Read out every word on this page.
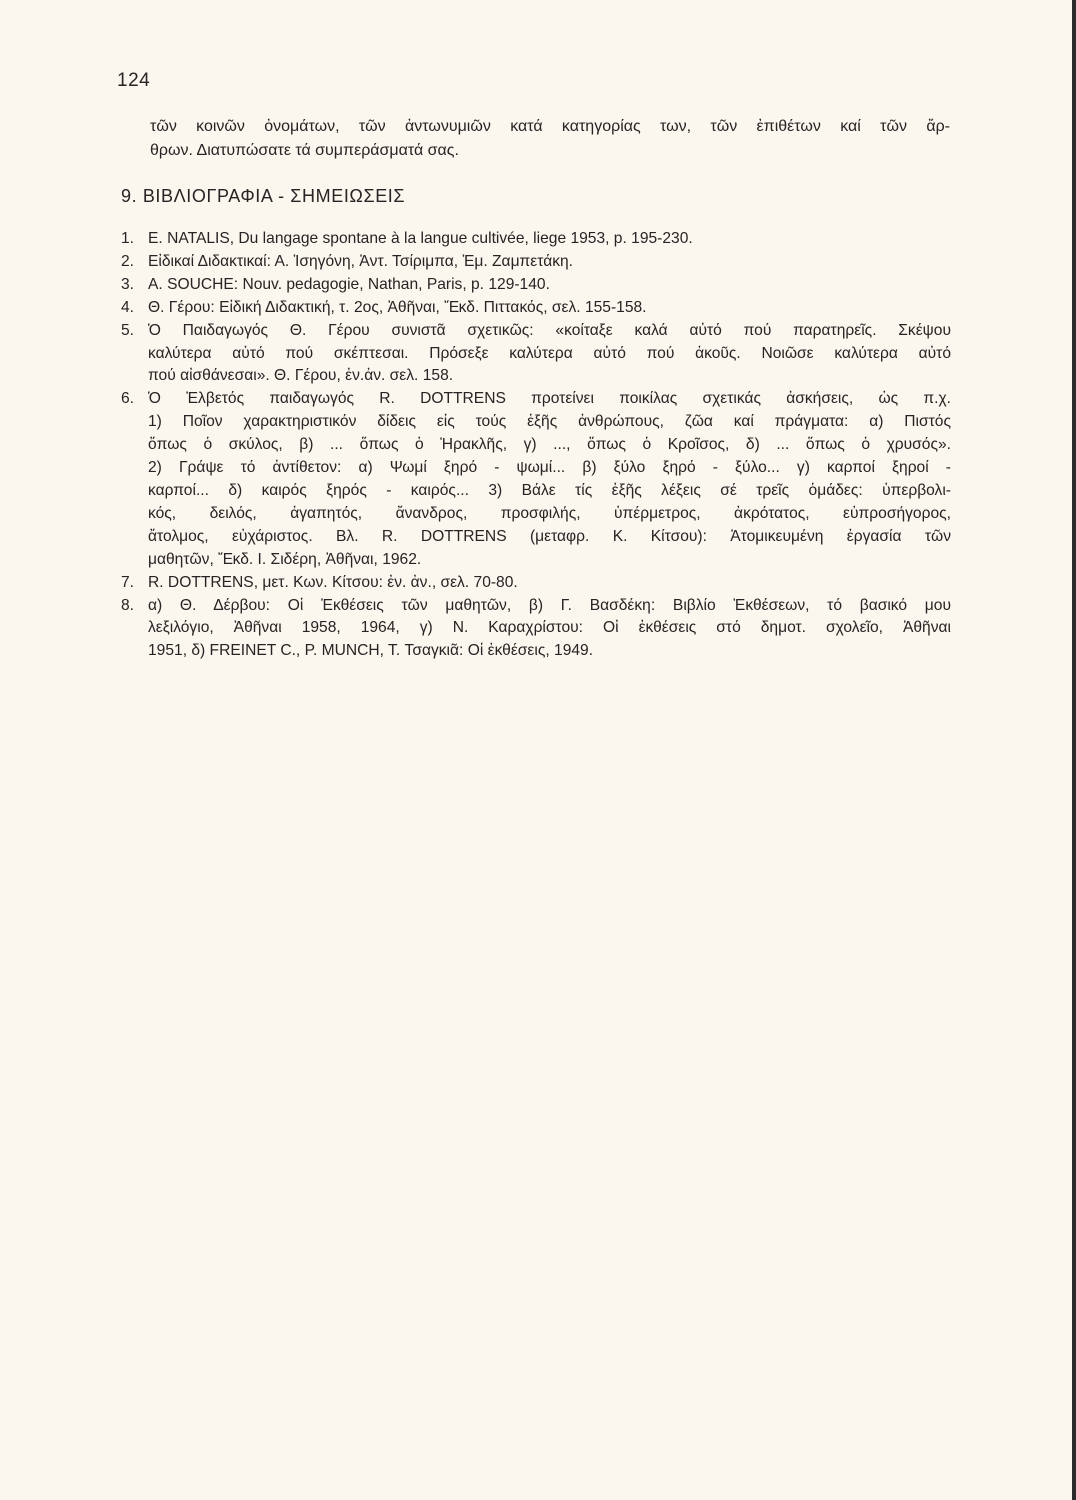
124
τῶν κοινῶν ὀνομάτων, τῶν ἀντωνυμιῶν κατά κατηγορίας των, τῶν ἐπιθέτων καί τῶν ἄρ-
θρων. Διατυπώσατε τά συμπεράσματά σας.
9. ΒΙΒΛΙΟΓΡΑΦΙΑ - ΣΗΜΕΙΩΣΕΙΣ
1. E. NATALIS, Du langage spontane à la langue cultivée, liege 1953, p. 195-230.
2. Εἰδικαί Διδακτικαί: Α. Ἰσηγόνη, Ἀντ. Τσίριμπα, Ἐμ. Ζαμπετάκη.
3. A. SOUCHE: Nouv. pedagogie, Nathan, Paris, p. 129-140.
4. Θ. Γέρου: Εἰδική Διδακτική, τ. 2ος, Ἀθῆναι, Ἔκδ. Πιττακός, σελ. 155-158.
5. Ὁ Παιδαγωγός Θ. Γέρου συνιστᾶ σχετικῶς: «κοίταξε καλά αὐτό πού παρατηρεῖς. Σκέψου
καλύτερα αὐτό πού σκέπτεσαι. Πρόσεξε καλύτερα αὐτό πού ἀκοῦς. Νοιῶσε καλύτερα αὐτό
πού αἰσθάνεσαι». Θ. Γέρου, ἐν.ἀν. σελ. 158.
6. Ὁ Ἐλβετός παιδαγωγός R. DOTTRENS προτείνει ποικίλας σχετικάς ἀσκήσεις, ὡς π.χ.
1) Ποῖον χαρακτηριστικόν δίδεις εἰς τούς ἑξῆς ἀνθρώπους, ζῶα καί πράγματα: α) Πιστός
ὅπως ὁ σκύλος, β) ... ὅπως ὁ Ἡρακλῆς, γ) ..., ὅπως ὁ Κροῖσος, δ) ... ὅπως ὁ χρυσός».
2) Γράψε τό ἀντίθετον: α) Ψωμί ξηρό - ψωμί... β) ξύλο ξηρό - ξύλο... γ) καρποί ξηροί -
καρποί... δ) καιρός ξηρός - καιρός... 3) Βάλε τίς ἑξῆς λέξεις σέ τρεῖς ὁμάδες: ὑπερβολι-
κός, δειλός, ἀγαπητός, ἄνανδρος, προσφιλής, ὑπέρμετρος, ἀκρότατος, εὐπροσήγορος,
ἄτολμος, εὐχάριστος. Βλ. R. DOTTRENS (μεταφρ. Κ. Κίτσου): Ἀτομικευμένη ἐργασία τῶν
μαθητῶν, Ἔκδ. Ι. Σιδέρη, Ἀθῆναι, 1962.
7. R. DOTTRENS, μετ. Κων. Κίτσου: ἐν. ἀν., σελ. 70-80.
8. α) Θ. Δέρβου: Οἱ Ἐκθέσεις τῶν μαθητῶν, β) Γ. Βασδέκη: Βιβλίο Ἐκθέσεων, τό βασικό μου
λεξιλόγιο, Ἀθῆναι 1958, 1964, γ) Ν. Καραχρίστου: Οἱ ἐκθέσεις στό δημοτ. σχολεῖο, Ἀθῆναι
1951, δ) FREINET C., P. MUNCH, T. Τσαγκιᾶ: Οἱ ἐκθέσεις, 1949.
